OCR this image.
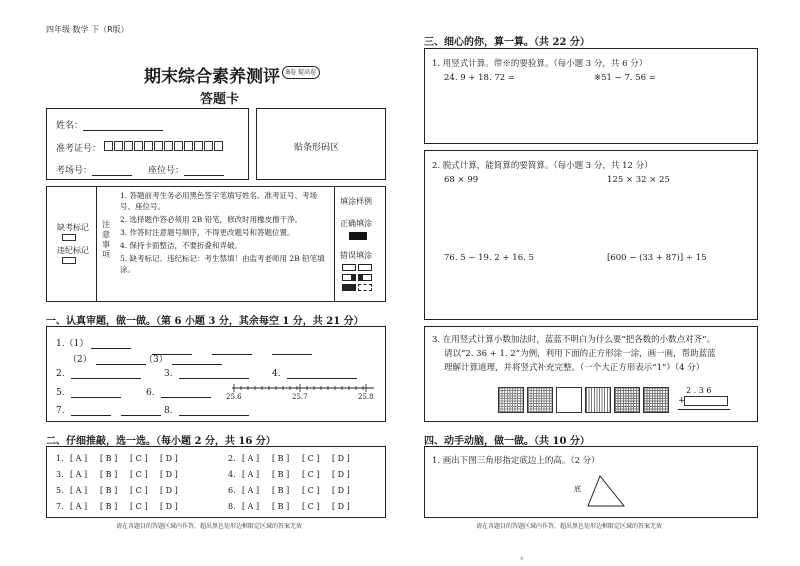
四年级 数学 下（R版）
期末综合素养测评	B卷 提高卷
答题卡
姓名：
准考证号：
考场号：	座位号：
贴条形码区
缺考标记
违纪标记
注意事项
1. 答题前考生务必用黑色签字笔填写姓名、准考证号、考场号、座位号。
2. 选择题作答必须用 2B 铅笔，修改时用橡皮擦干净。
3. 作答时注意题号顺序，不得更改题号和答题位置。
4. 保持卡面整洁，不要折叠和弄破。
5. 缺考标记、违纪标记：考生禁填！由监考老师用 2B 铅笔填涂。
填涂样例
正确填涂
错误填涂

一、认真审题，做一做。（第 6 小题 3 分，其余每空 1 分，共 21 分）
1.（1）
（2）	（3）
2.	3.	4.
5.	6.	25.6	25.7	25.8
7.	8.
二、仔细推敲，选一选。（每小题 2 分，共 16 分）
1. [ A ] [ B ] [ C ] [ D ]	2. [ A ] [ B ] [ C ] [ D ]
3. [ A ] [ B ] [ C ] [ D ]	4. [ A ] [ B ] [ C ] [ D ]
5. [ A ] [ B ] [ C ] [ D ]	6. [ A ] [ B ] [ C ] [ D ]
7. [ A ] [ B ] [ C ] [ D ]	8. [ A ] [ B ] [ C ] [ D ]
请在各题目的答题区域内作答，超出黑色矩形边框限定区域的答案无效
三、细心的你，算一算。（共 22 分）
1. 用竖式计算。带※的要验算。（每小题 3 分，共 6 分）
24. 9 + 18. 72 =	※51 − 7. 56 =
2. 脱式计算，能简算的要简算。（每小题 3 分，共 12 分）
68 × 99	125 × 32 × 25
76. 5 − 19. 2 + 16. 5	[600 − (33 + 87)] ÷ 15
3. 在用竖式计算小数加法时，蓝蓝不明白为什么要“把各数的小数点对齐”。
请以“2. 36 + 1. 2”为例，利用下面的正方形涂一涂，画一画，帮助蓝蓝
理解计算道理，并将竖式补充完整。（一个大正方形表示“1”）（4 分）
2 . 3 6
+
四、动手动脑，做一做。（共 10 分）
1. 画出下图三角形指定底边上的高。（2 分）
底
请在各题目的答题区域内作答，超出黑色矩形边框限定区域的答案无效
4
